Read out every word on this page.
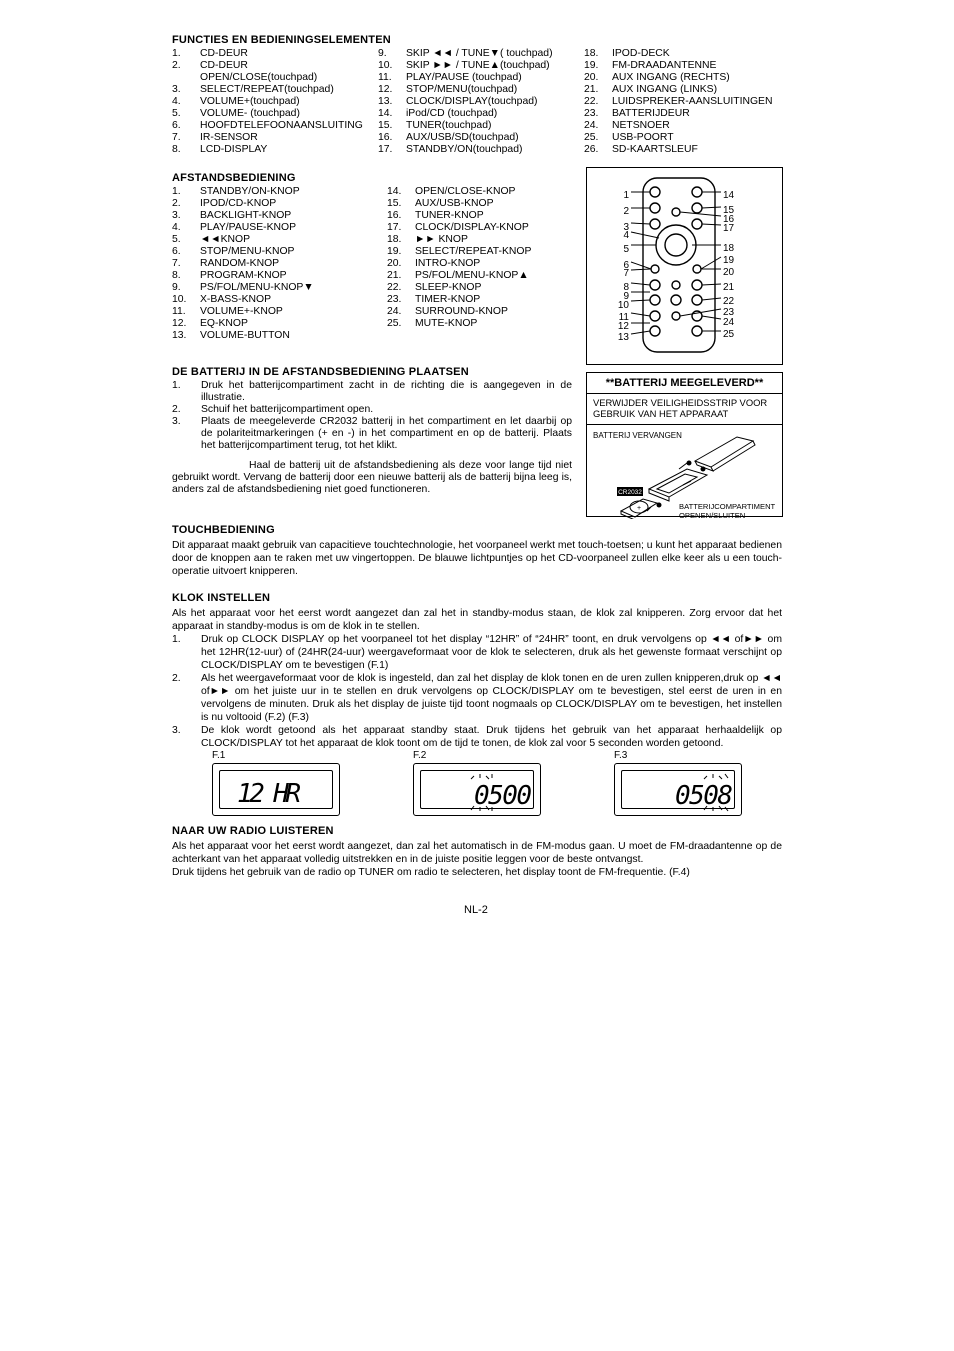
FUNCTIES EN BEDIENINGSELEMENTEN
1.	CD-DEUR
2.	CD-DEUR
OPEN/CLOSE(touchpad)
3.	SELECT/REPEAT(touchpad)
4.	VOLUME+(touchpad)
5.	VOLUME- (touchpad)
6.	HOOFDTELEFOONAANSLUITING
7.	IR-SENSOR
8.	LCD-DISPLAY
9.	SKIP ◄◄ / TUNE▼( touchpad)
10.	SKIP ►► / TUNE▲(touchpad)
11.	PLAY/PAUSE (touchpad)
12.	STOP/MENU(touchpad)
13.	CLOCK/DISPLAY(touchpad)
14.	iPod/CD (touchpad)
15.	TUNER(touchpad)
16.	AUX/USB/SD(touchpad)
17.	STANDBY/ON(touchpad)
18.	IPOD-DECK
19.	FM-DRAADANTENNE
20.	AUX INGANG (RECHTS)
21.	AUX INGANG (LINKS)
22.	LUIDSPREKER-AANSLUITINGEN
23.	BATTERIJDEUR
24.	NETSNOER
25.	USB-POORT
26.	SD-KAARTSLEUF
AFSTANDSBEDIENING
1.	STANDBY/ON-KNOP
2.	IPOD/CD-KNOP
3.	BACKLIGHT-KNOP
4.	PLAY/PAUSE-KNOP
5.	◄◄KNOP
6.	STOP/MENU-KNOP
7.	RANDOM-KNOP
8.	PROGRAM-KNOP
9.	PS/FOL/MENU-KNOP▼
10.	X-BASS-KNOP
11.	VOLUME+-KNOP
12.	EQ-KNOP
13.	VOLUME-BUTTON
14.	OPEN/CLOSE-KNOP
15.	AUX/USB-KNOP
16.	TUNER-KNOP
17.	CLOCK/DISPLAY-KNOP
18.	►► KNOP
19.	SELECT/REPEAT-KNOP
20.	INTRO-KNOP
21.	PS/FOL/MENU-KNOP▲
22.	SLEEP-KNOP
23.	TIMER-KNOP
24.	SURROUND-KNOP
25.	MUTE-KNOP
1
2
3
4
5
6
7
8
9
10
11
12
13
14
15
16
17
18
19
20
21
22
23
24
25
DE BATTERIJ IN DE AFSTANDSBEDIENING PLAATSEN
1.	Druk het batterijcompartiment zacht in de richting die is aangegeven in de illustratie.
2.	Schuif het batterijcompartiment open.
3.	Plaats de meegeleverde CR2032 batterij in het compartiment en let daarbij op de polariteitmarkeringen (+ en -) in het compartiment en op de batterij. Plaats het batterijcompartiment terug, tot het klikt.

Haal de batterij uit de afstandsbediening als deze voor lange tijd niet gebruikt wordt. Vervang de batterij door een nieuwe batterij als de batterij bijna leeg is, anders zal de afstandsbediening niet goed functioneren.

**BATTERIJ MEEGELEVERD**
VERWIJDER VEILIGHEIDSSTRIP VOOR GEBRUIK VAN HET APPARAAT
BATTERIJ VERVANGEN
CR2032
+	BATTERIJCOMPARTIMENT
OPENEN/SLUITEN
TOUCHBEDIENING

Dit apparaat maakt gebruik van capacitieve touchtechnologie, het voorpaneel werkt met touch-toetsen; u kunt het apparaat bedienen door de knoppen aan te raken met uw vingertoppen. De blauwe lichtpuntjes op het CD-voorpaneel zullen elke keer als u een touch-operatie uitvoert knipperen.

KLOK INSTELLEN

Als het apparaat voor het eerst wordt aangezet dan zal het in standby-modus staan, de klok zal knipperen. Zorg ervoor dat het apparaat in standby-modus is om de klok in te stellen.

1.	Druk op CLOCK DISPLAY op het voorpaneel tot het display “12HR” of “24HR” toont, en druk vervolgens op ◄◄ of►► om het 12HR(12-uur) of (24HR(24-uur) weergaveformaat voor de klok te selecteren, druk als het gewenste formaat verschijnt op CLOCK/DISPLAY om te bevestigen (F.1)
2.	Als het weergaveformaat voor de klok is ingesteld, dan zal het display de klok tonen en de uren zullen knipperen,druk op ◄◄ of►► om het juiste uur in te stellen en druk vervolgens op CLOCK/DISPLAY om te bevestigen, stel eerst de uren in en vervolgens de minuten. Druk als het display de juiste tijd toont nogmaals op CLOCK/DISPLAY om te bevestigen, het instellen is nu voltooid (F.2) (F.3)
3.	De klok wordt getoond als het apparaat standby staat. Druk tijdens het gebruik van het apparaat herhaaldelijk op CLOCK/DISPLAY tot het apparaat de klok toont om de tijd te tonen, de klok zal voor 5 seconden worden getoond.
F.1	F.2	F.3
12 HR	0500	0508
NAAR UW RADIO LUISTEREN

Als het apparaat voor het eerst wordt aangezet, dan zal het automatisch in de FM-modus gaan. U moet de FM-draadantenne op de achterkant van het apparaat volledig uitstrekken en in de juiste positie leggen voor de beste ontvangst.

Druk tijdens het gebruik van de radio op TUNER om radio te selecteren, het display toont de FM-frequentie. (F.4)

NL-2
